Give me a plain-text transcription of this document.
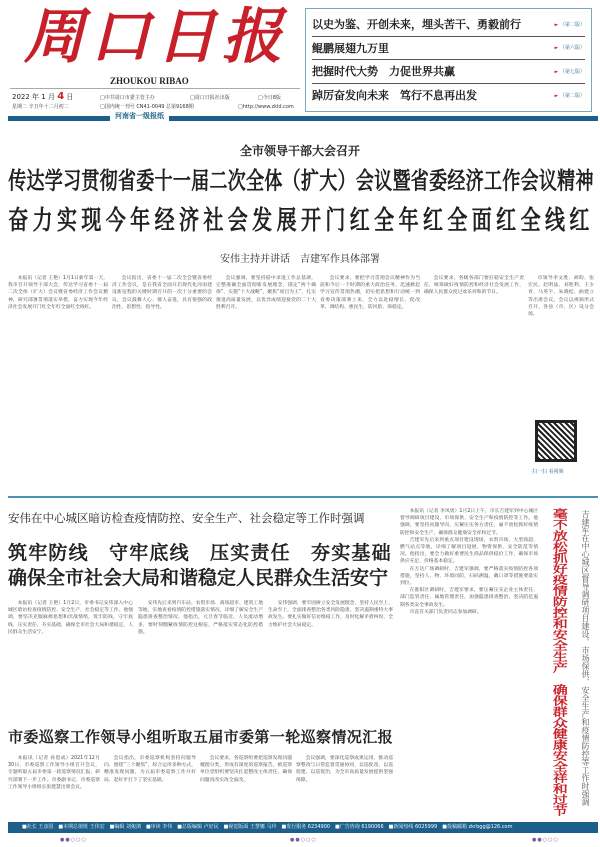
周口日报
ZHOUKOU RIBAO
2022 年 1 月 4 日
星期二 辛丑年十二月初二
□中共周口市委主管主办	□周口日报社出版	□今日8版
□国内统一刊号 CN41-0049 总第9168期	□http://www.zkld.com
河南省一级报纸
以史为鉴、开创未来，埋头苦干、勇毅前行	► （第二版）
鲲鹏展翅九万里	► （第六版）
把握时代大势　力促世界共赢	► （第七版）
踔厉奋发向未来　笃行不息再出发	► （第二版）
全市领导干部大会召开
传达学习贯彻省委十一届二次全体（扩大）会议暨省委经济工作会议精神
奋力实现今年经济社会发展开门红全年红全面红全线红
安伟主持并讲话　吉建军作具体部署
本报讯（记者 王艳）1月1日新年第一天，我市召开领导干部大会，传达学习省委十一届二次全体（扩大）会议暨省委经济工作会议精神，研究部署贯彻落实举措，奋力实现今年经济社会发展开门红全年红全面红全线红。
会议指出，省委十一届二次全会暨省委经济工作会议，是在我省全面开启现代化河南建设新征程的关键时期召开的一次十分重要的会议，会议鼓舞人心、催人奋进，具有很强的政治性、思想性、指导性。
会议强调，要坚持稳中求进工作总基调，完整准确全面贯彻新发展理念，锚定“两个确保”，实施“十大战略”，聚焦“项目为王”，扎实推进高质量发展，以优异成绩迎接党的二十大胜利召开。
会议要求，要把学习贯彻会议精神作为当前和今后一个时期的重大政治任务，迅速掀起学习宣传贯彻热潮，切实把思想和行动统一到省委决策部署上来，全力以赴稳增长、促改革、调结构、惠民生、防风险、保稳定。
会议要求，各级各部门要扛稳安全生产责任，统筹做好疫情防控和经济社会发展工作，确保人民群众度过欢乐祥和的节日。
市领导李文胜、胡昀、张宏民、赵明晶、刘胜利、王少青、马英宇、朱晓松、曲建立等出席会议。会议以视频形式召开，各县（市、区）设分会场。
扫一扫 看视频
安伟在中心城区暗访检查疫情防控、安全生产、社会稳定等工作时强调
筑牢防线　守牢底线　压实责任　夯实基础
确保全市社会大局和谐稳定人民群众生活安宁
本报讯（记者 王艳）1月2日，市委书记安伟深入中心城区暗访检查疫情防控、安全生产、社会稳定等工作。他强调，要坚决克服麻痹思想和厌战情绪，筑牢防线、守牢底线，压实责任、夯实基础，确保全市社会大局和谐稳定、人民群众生活安宁。
安伟先后来到汽车站、农贸市场、商场超市、建筑工地等地，实地查看疫情防控措施落实情况，详细了解安全生产隐患排查整治情况。他指出，元旦春节临近，人员流动增多，要时刻绷紧疫情防控这根弦，严格落实常态化防控措施。
安伟强调，要牢固树立安全发展理念，坚持人民至上、生命至上，全面排查整治各类风险隐患，坚决遏制重特大事故发生。要扎实做好信访维稳工作，及时化解矛盾纠纷，全力维护社会大局稳定。
市委巡察工作领导小组听取五届市委第一轮巡察情况汇报
本报讯（记者 孙恩成）2021年12月30日，市委巡察工作领导小组召开会议，专题听取五届市委第一轮巡察情况汇报，研究部署下一步工作。市委副书记、市委巡察工作领导小组组长张建慧出席会议。
会议指出，市委巡察机构坚持问题导向，围绕“三个聚焦”，综合运用多种方式，精准发现问题，为五届市委巡察工作开好局、起好步打下了坚实基础。
会议要求，各巡察组要把巡察发现问题梳理分类，形成有深度的巡察报告。被巡察单位党组织要坚决扛起整改主体责任，确保问题真改实改全面改。
会议强调，要深化巡察成果运用，推动巡察整改与日常监督贯通协同，以巡促改、以巡促建、以巡促治，为全市高质量发展提供坚强保障。

本报讯（记者 李凤勇）1月2日上午，市长吉建军到中心城区督导调研项目建设、市场保供、安全生产和疫情防控等工作。他强调，要坚持问题导向，压紧压实各方责任，毫不放松抓好疫情防控和安全生产，确保群众健康安全祥和过节。

吉建军先后来到重点项目建设现场、农贸市场、大型商超、燃气站点等地，详细了解项目进展、物资保供、安全防范等情况。他指出，要全力做好重要民生商品保供稳价工作，确保市场供应充足、价格基本稳定。

在万达广场调研时，吉建军强调，要严格落实疫情防控各项措施，坚持人、物、环境同防，扫码测温、戴口罩等措施要落实到位。

在淮阳区调研时，吉建军要求，要压紧压实企业主体责任、部门监管责任、属地管理责任，加强隐患排查整治，坚决防范遏制各类安全事故发生。

市直有关部门负责同志参加调研。	毫不放松抓好疫情防控和安全生产　确保群众健康安全祥和过节	吉建军在中心城区督导调研项目建设、市场保供、安全生产和疫情防控等工作时强调
■社长 王彦国　■本期总值班 王伟宏　■编辑 刘俊浏　■审读 李伟　■总版编辑 卢好民　■视觉版面 王慧娜 马玲　■发行服务 6234900　■广告咨询 6190066　■新闻热线 6025999　■投稿邮箱 zkrbgg@126.com
●●○○○	●●○○○	●●○○○
